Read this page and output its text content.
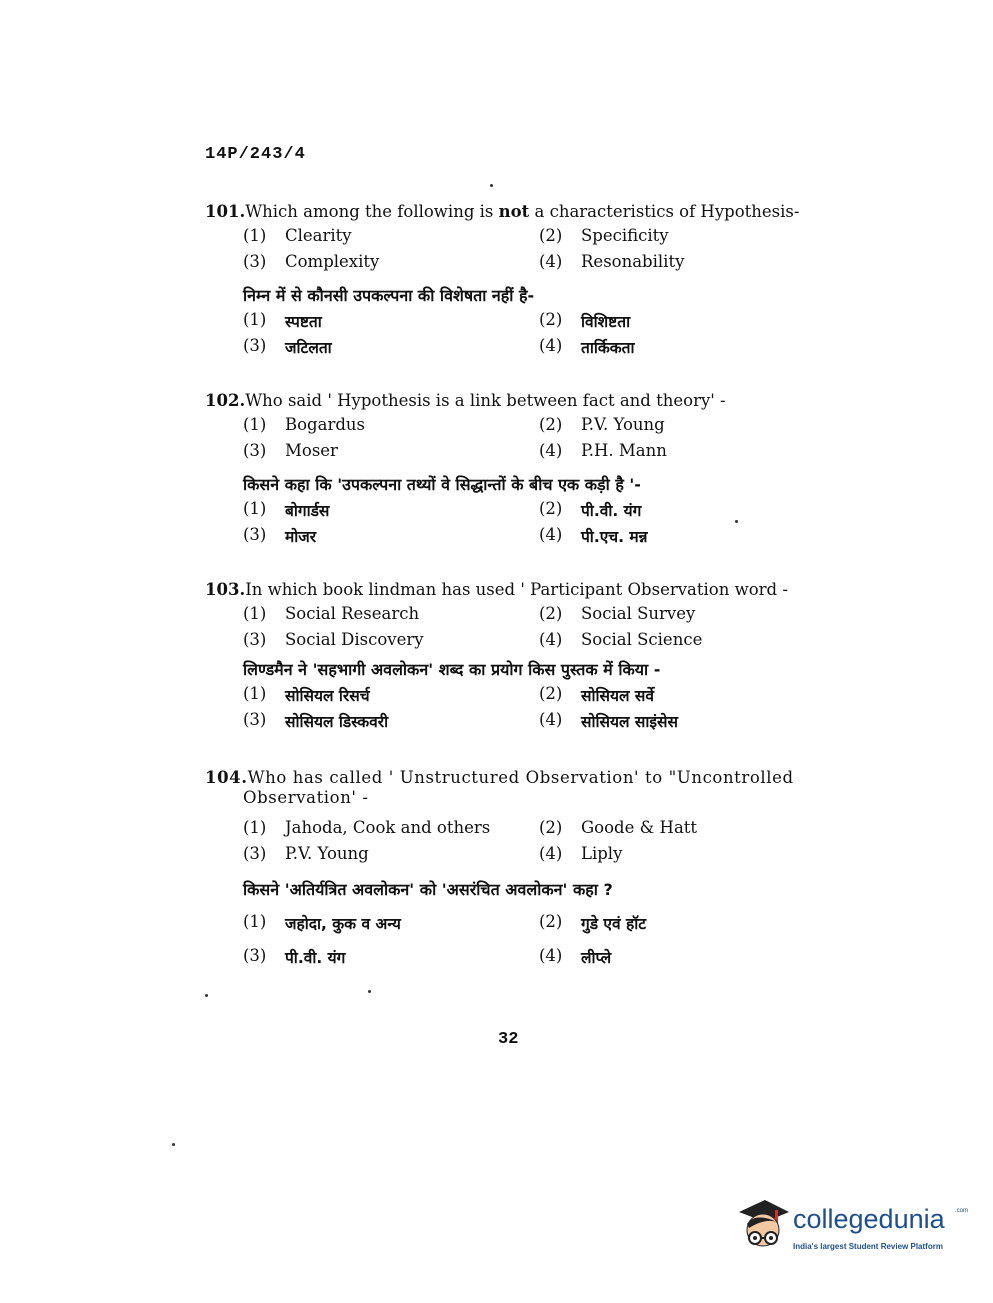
14P/243/4
101.Which among the following is not a characteristics of Hypothesis-
(1)	Clearity	(2)	Specificity
(3)	Complexity	(4)	Resonability
निम्न में से कौनसी उपकल्पना की विशेषता नहीं है-
(1)	स्पष्टता	(2)	विशिष्टता
(3)	जटिलता	(4)	तार्किकता
102.Who said ' Hypothesis is a link between fact and theory' -
(1)	Bogardus	(2)	P.V. Young
(3)	Moser	(4)	P.H. Mann
किसने कहा कि 'उपकल्पना तथ्यों वे सिद्धान्तों के बीच एक कड़ी है '-
(1)	बोगार्डस	(2)	पी.वी. यंग
(3)	मोजर	(4)	पी.एच. मन्न
103.In which book lindman has used ' Participant Observation word -
(1)	Social Research	(2)	Social Survey
(3)	Social Discovery	(4)	Social Science
लिण्डमैन ने 'सहभागी अवलोकन' शब्द का प्रयोग किस पुस्तक में किया -
(1)	सोसियल रिसर्च	(2)	सोसियल सर्वे
(3)	सोसियल डिस्कवरी	(4)	सोसियल साइंसेस
104.Who has called ' Unstructured Observation' to "Uncontrolled Observation' -
(1)	Jahoda, Cook and others	(2)	Goode & Hatt
(3)	P.V. Young	(4)	Liply
किसने 'अतिर्यत्रित अवलोकन' को 'असरंचित अवलोकन' कहा ?
(1)	जहोदा, कुक व अन्य	(2)	गुडे एवं हॉट
(3)	पी.वी. यंग	(4)	लीप्ले
32
collegedunia .com
India's largest Student Review Platform
